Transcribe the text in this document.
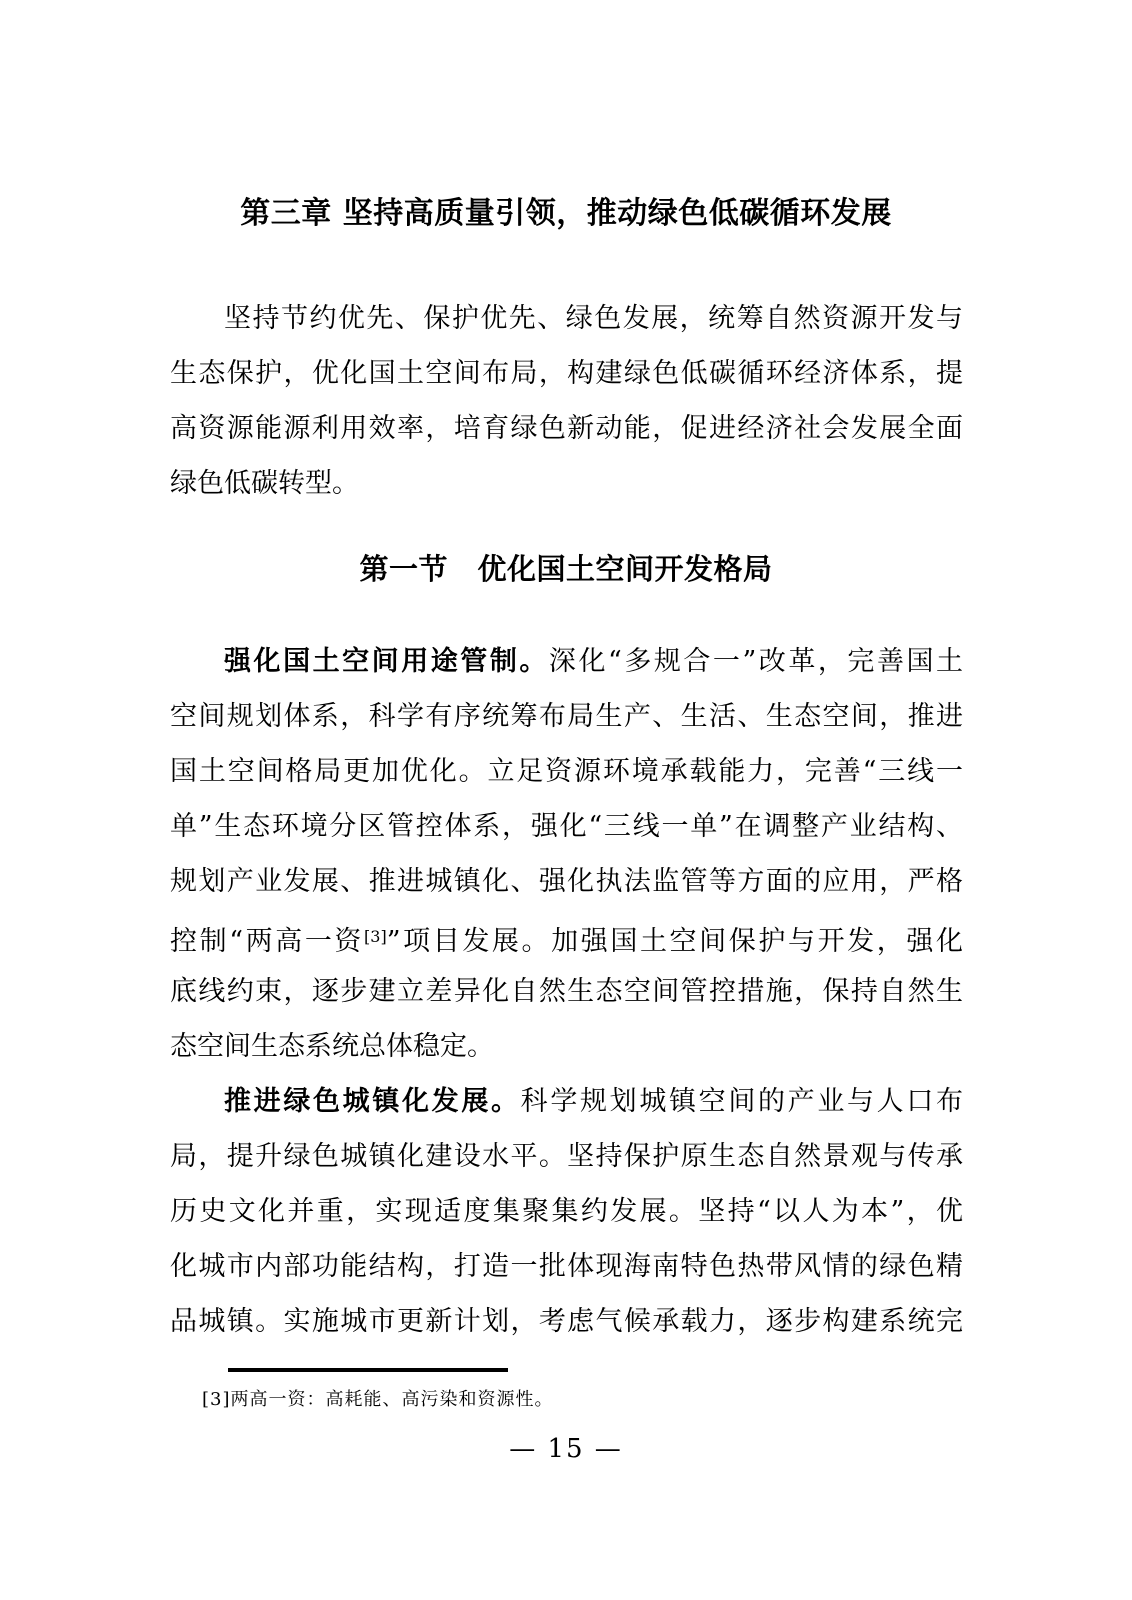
第三章 坚持高质量引领，推动绿色低碳循环发展
第一节　优化国土空间开发格局
坚持节约优先、保护优先、绿色发展，统筹自然资源开发与
生态保护，优化国土空间布局，构建绿色低碳循环经济体系，提
高资源能源利用效率，培育绿色新动能，促进经济社会发展全面
绿色低碳转型。
强化国土空间用途管制。深化“多规合一”改革，完善国土
空间规划体系，科学有序统筹布局生产、生活、生态空间，推进
国土空间格局更加优化。立足资源环境承载能力，完善“三线一
单”生态环境分区管控体系，强化“三线一单”在调整产业结构、
规划产业发展、推进城镇化、强化执法监管等方面的应用，严格
控制“两高一资[3]”项目发展。加强国土空间保护与开发，强化
底线约束，逐步建立差异化自然生态空间管控措施，保持自然生
态空间生态系统总体稳定。
推进绿色城镇化发展。科学规划城镇空间的产业与人口布
局，提升绿色城镇化建设水平。坚持保护原生态自然景观与传承
历史文化并重，实现适度集聚集约发展。坚持“以人为本”，优
化城市内部功能结构，打造一批体现海南特色热带风情的绿色精
品城镇。实施城市更新计划，考虑气候承载力，逐步构建系统完
[3]两高一资：高耗能、高污染和资源性。
— 15 —
